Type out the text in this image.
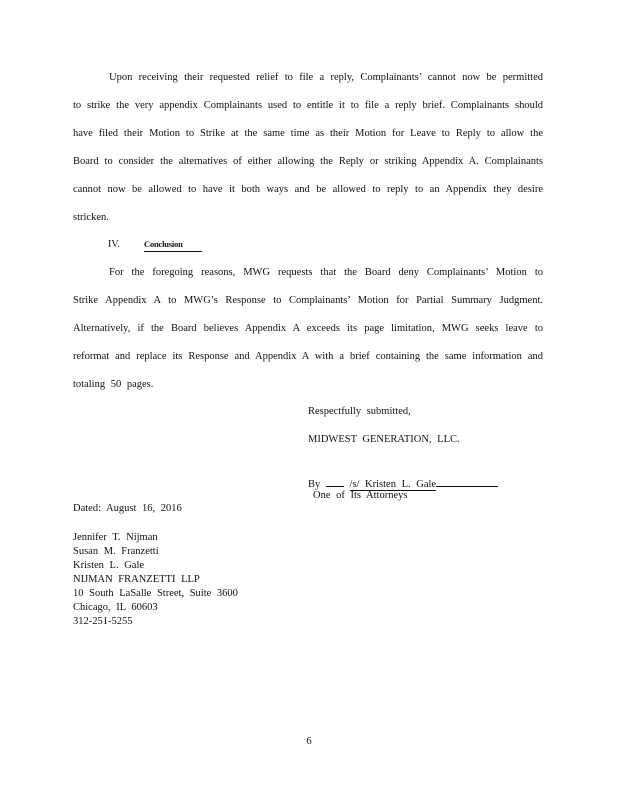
Upon receiving their requested relief to file a reply, Complainants’ cannot now be permitted to strike the very appendix Complainants used to entitle it to file a reply brief. Complainants should have filed their Motion to Strike at the same time as their Motion for Leave to Reply to allow the Board to consider the alternatives of either allowing the Reply or striking Appendix A. Complainants cannot now be allowed to have it both ways and be allowed to reply to an Appendix they desire stricken.
IV.	Conclusion
For the foregoing reasons, MWG requests that the Board deny Complainants’ Motion to Strike Appendix A to MWG’s Response to Complainants’ Motion for Partial Summary Judgment. Alternatively, if the Board believes Appendix A exceeds its page limitation, MWG seeks leave to reformat and replace its Response and Appendix A with a brief containing the same information and totaling 50 pages.
Respectfully submitted,
MIDWEST GENERATION, LLC.
By	/s/ Kristen L. Gale
One of Its Attorneys
Dated: August 16, 2016
Jennifer T. Nijman
Susan M. Franzetti
Kristen L. Gale
NIJMAN FRANZETTI LLP
10 South LaSalle Street, Suite 3600
Chicago, IL 60603
312-251-5255
6
